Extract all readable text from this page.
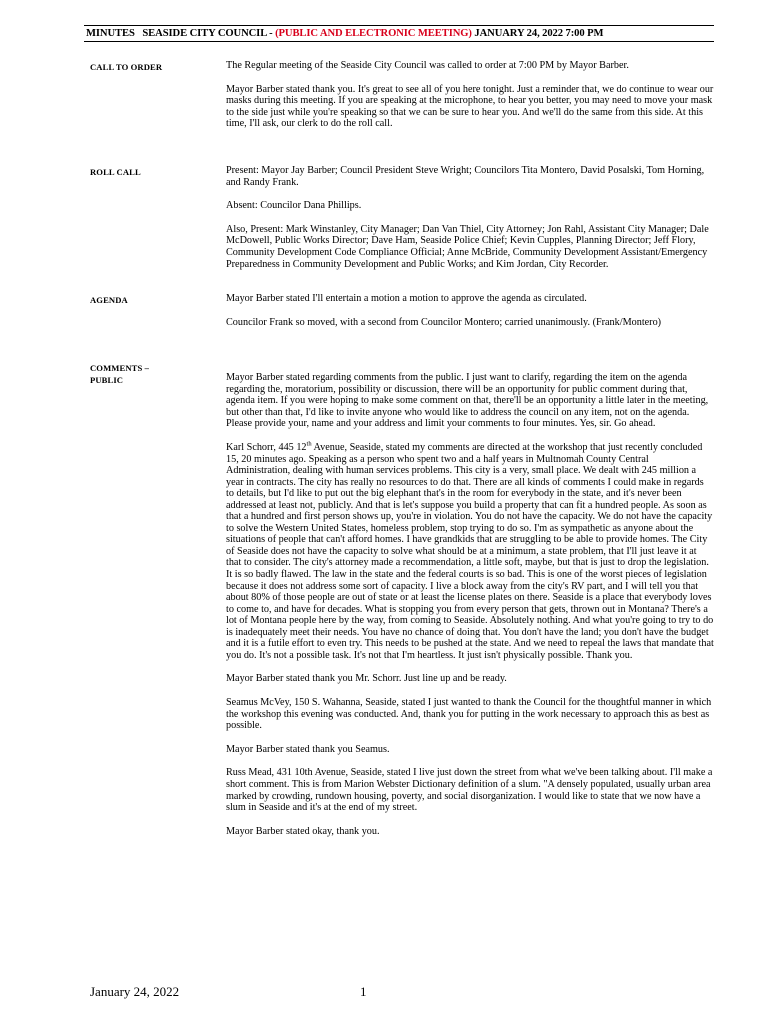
MINUTES   SEASIDE CITY COUNCIL - (PUBLIC AND ELECTRONIC MEETING) JANUARY 24, 2022 7:00 PM
CALL TO ORDER	The Regular meeting of the Seaside City Council was called to order at 7:00 PM by Mayor Barber.

Mayor Barber stated thank you. It's great to see all of you here tonight. Just a reminder that, we do continue to wear our masks during this meeting. If you are speaking at the microphone, to hear you better, you may need to move your mask to the side just while you're speaking so that we can be sure to hear you. And we'll do the same from this side. At this time, I'll ask, our clerk to do the roll call.

ROLL CALL	Present: Mayor Jay Barber; Council President Steve Wright; Councilors Tita Montero, David Posalski, Tom Horning, and Randy Frank.

Absent: Councilor Dana Phillips.

Also, Present: Mark Winstanley, City Manager; Dan Van Thiel, City Attorney; Jon Rahl, Assistant City Manager; Dale McDowell, Public Works Director; Dave Ham, Seaside Police Chief; Kevin Cupples, Planning Director; Jeff Flory, Community Development Code Compliance Official; Anne McBride, Community Development Assistant/Emergency Preparedness in Community Development and Public Works; and Kim Jordan, City Recorder.

AGENDA	Mayor Barber stated I'll entertain a motion a motion to approve the agenda as circulated.

Councilor Frank so moved, with a second from Councilor Montero; carried unanimously. (Frank/Montero)

COMMENTS –
PUBLIC	Mayor Barber stated regarding comments from the public. I just want to clarify, regarding the item on the agenda regarding the, moratorium, possibility or discussion, there will be an opportunity for public comment during that, agenda item. If you were hoping to make some comment on that, there'll be an opportunity a little later in the meeting, but other than that, I'd like to invite anyone who would like to address the council on any item, not on the agenda. Please provide your, name and your address and limit your comments to four minutes. Yes, sir. Go ahead.

Karl Schorr, 445 12th Avenue, Seaside, stated my comments are directed at the workshop that just recently concluded 15, 20 minutes ago. Speaking as a person who spent two and a half years in Multnomah County Central Administration, dealing with human services problems. This city is a very, small place. We dealt with 245 million a year in contracts. The city has really no resources to do that. There are all kinds of comments I could make in regards to details, but I'd like to put out the big elephant that's in the room for everybody in the state, and it's never been addressed at least not, publicly. And that is let's suppose you build a property that can fit a hundred people. As soon as that a hundred and first person shows up, you're in violation. You do not have the capacity. We do not have the capacity to solve the Western United States, homeless problem, stop trying to do so. I'm as sympathetic as anyone about the situations of people that can't afford homes. I have grandkids that are struggling to be able to provide homes. The City of Seaside does not have the capacity to solve what should be at a minimum, a state problem, that I'll just leave it at that to consider. The city's attorney made a recommendation, a little soft, maybe, but that is just to drop the legislation. It is so badly flawed. The law in the state and the federal courts is so bad. This is one of the worst pieces of legislation because it does not address some sort of capacity. I live a block away from the city's RV part, and I will tell you that about 80% of those people are out of state or at least the license plates on there. Seaside is a place that everybody loves to come to, and have for decades. What is stopping you from every person that gets, thrown out in Montana? There's a lot of Montana people here by the way, from coming to Seaside. Absolutely nothing. And what you're going to try to do is inadequately meet their needs. You have no chance of doing that. You don't have the land; you don't have the budget and it is a futile effort to even try. This needs to be pushed at the state. And we need to repeal the laws that mandate that you do. It's not a possible task. It's not that I'm heartless. It just isn't physically possible. Thank you.

Mayor Barber stated thank you Mr. Schorr. Just line up and be ready.

Seamus McVey, 150 S. Wahanna, Seaside, stated I just wanted to thank the Council for the thoughtful manner in which the workshop this evening was conducted. And, thank you for putting in the work necessary to approach this as best as possible.

Mayor Barber stated thank you Seamus.

Russ Mead, 431 10th Avenue, Seaside, stated I live just down the street from what we've been talking about. I'll make a short comment. This is from Marion Webster Dictionary definition of a slum. "A densely populated, usually urban area marked by crowding, rundown housing, poverty, and social disorganization. I would like to state that we now have a slum in Seaside and it's at the end of my street.

Mayor Barber stated okay, thank you.

January 24, 2022	1
